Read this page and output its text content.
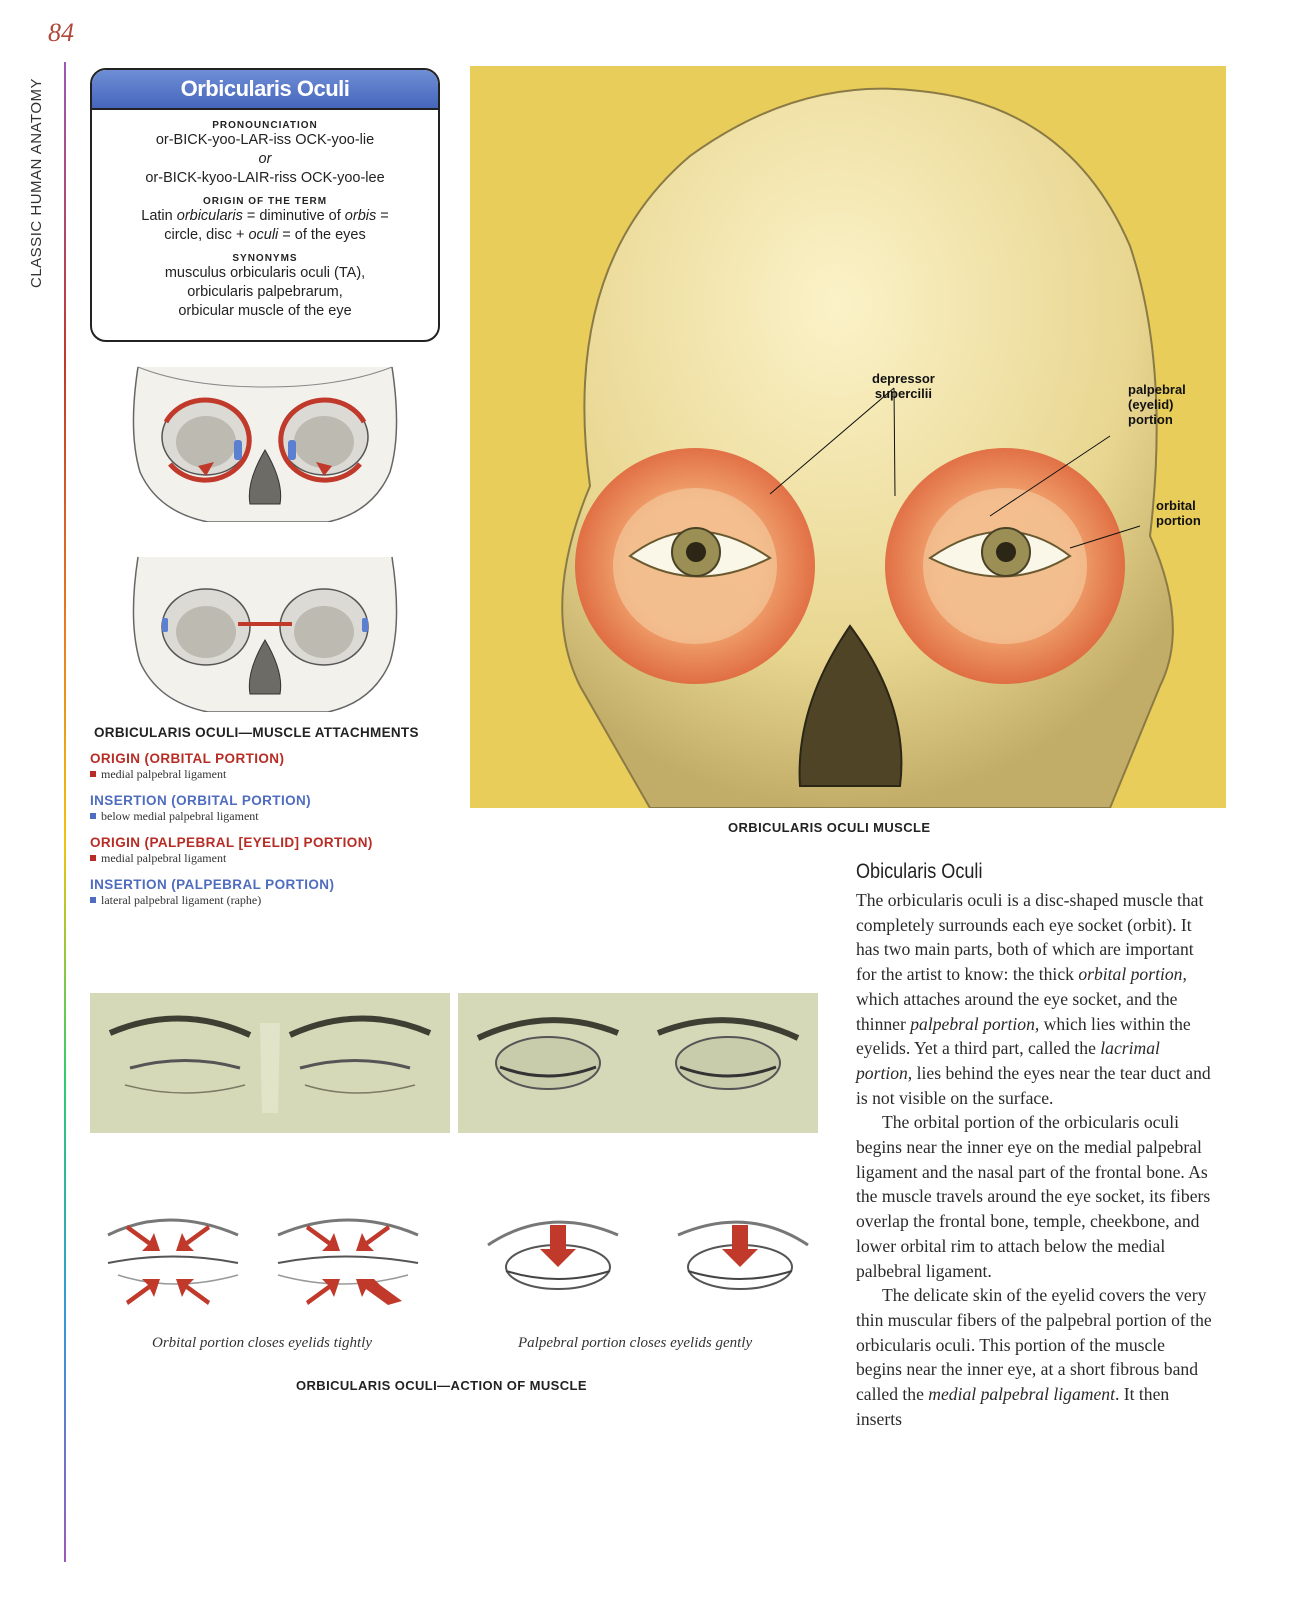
84
CLASSIC HUMAN ANATOMY	Orbicularis Oculi
PRONOUNCIATION
or-BICK-yoo-LAR-iss OCK-yoo-lie
or
or-BICK-kyoo-LAIR-riss OCK-yoo-lee
ORIGIN OF THE TERM
Latin orbicularis = diminutive of orbis =
circle, disc + oculi = of the eyes
SYNONYMS
musculus orbicularis oculi (TA),
orbicularis palpebrarum,
orbicular muscle of the eye
ORBICULARIS OCULI—MUSCLE ATTACHMENTS
ORIGIN (ORBITAL PORTION)
medial palpebral ligament
INSERTION (ORBITAL PORTION)
below medial palpebral ligament
ORIGIN (PALPEBRAL [EYELID] PORTION)
medial palpebral ligament
INSERTION (PALPEBRAL PORTION)
lateral palpebral ligament (raphe)
depressor
supercilii	palpebral
(eyelid)
portion
orbital
portion
ORBICULARIS OCULI MUSCLE
Orbital portion closes eyelids tightly	Palpebral portion closes eyelids gently
ORBICULARIS OCULI—ACTION OF MUSCLE
Obicularis Oculi

The orbicularis oculi is a disc-shaped muscle that completely surrounds each eye socket (orbit). It has two main parts, both of which are important for the artist to know: the thick orbital portion, which attaches around the eye socket, and the thinner palpebral portion, which lies within the eyelids. Yet a third part, called the lacrimal portion, lies behind the eyes near the tear duct and is not visible on the surface.

The orbital portion of the orbicularis oculi begins near the inner eye on the medial palpebral ligament and the nasal part of the frontal bone. As the muscle travels around the eye socket, its fibers overlap the frontal bone, temple, cheekbone, and lower orbital rim to attach below the medial palbebral ligament.

The delicate skin of the eyelid covers the very thin muscular fibers of the palpebral portion of the orbicularis oculi. This portion of the muscle begins near the inner eye, at a short fibrous band called the medial palpebral ligament. It then inserts
